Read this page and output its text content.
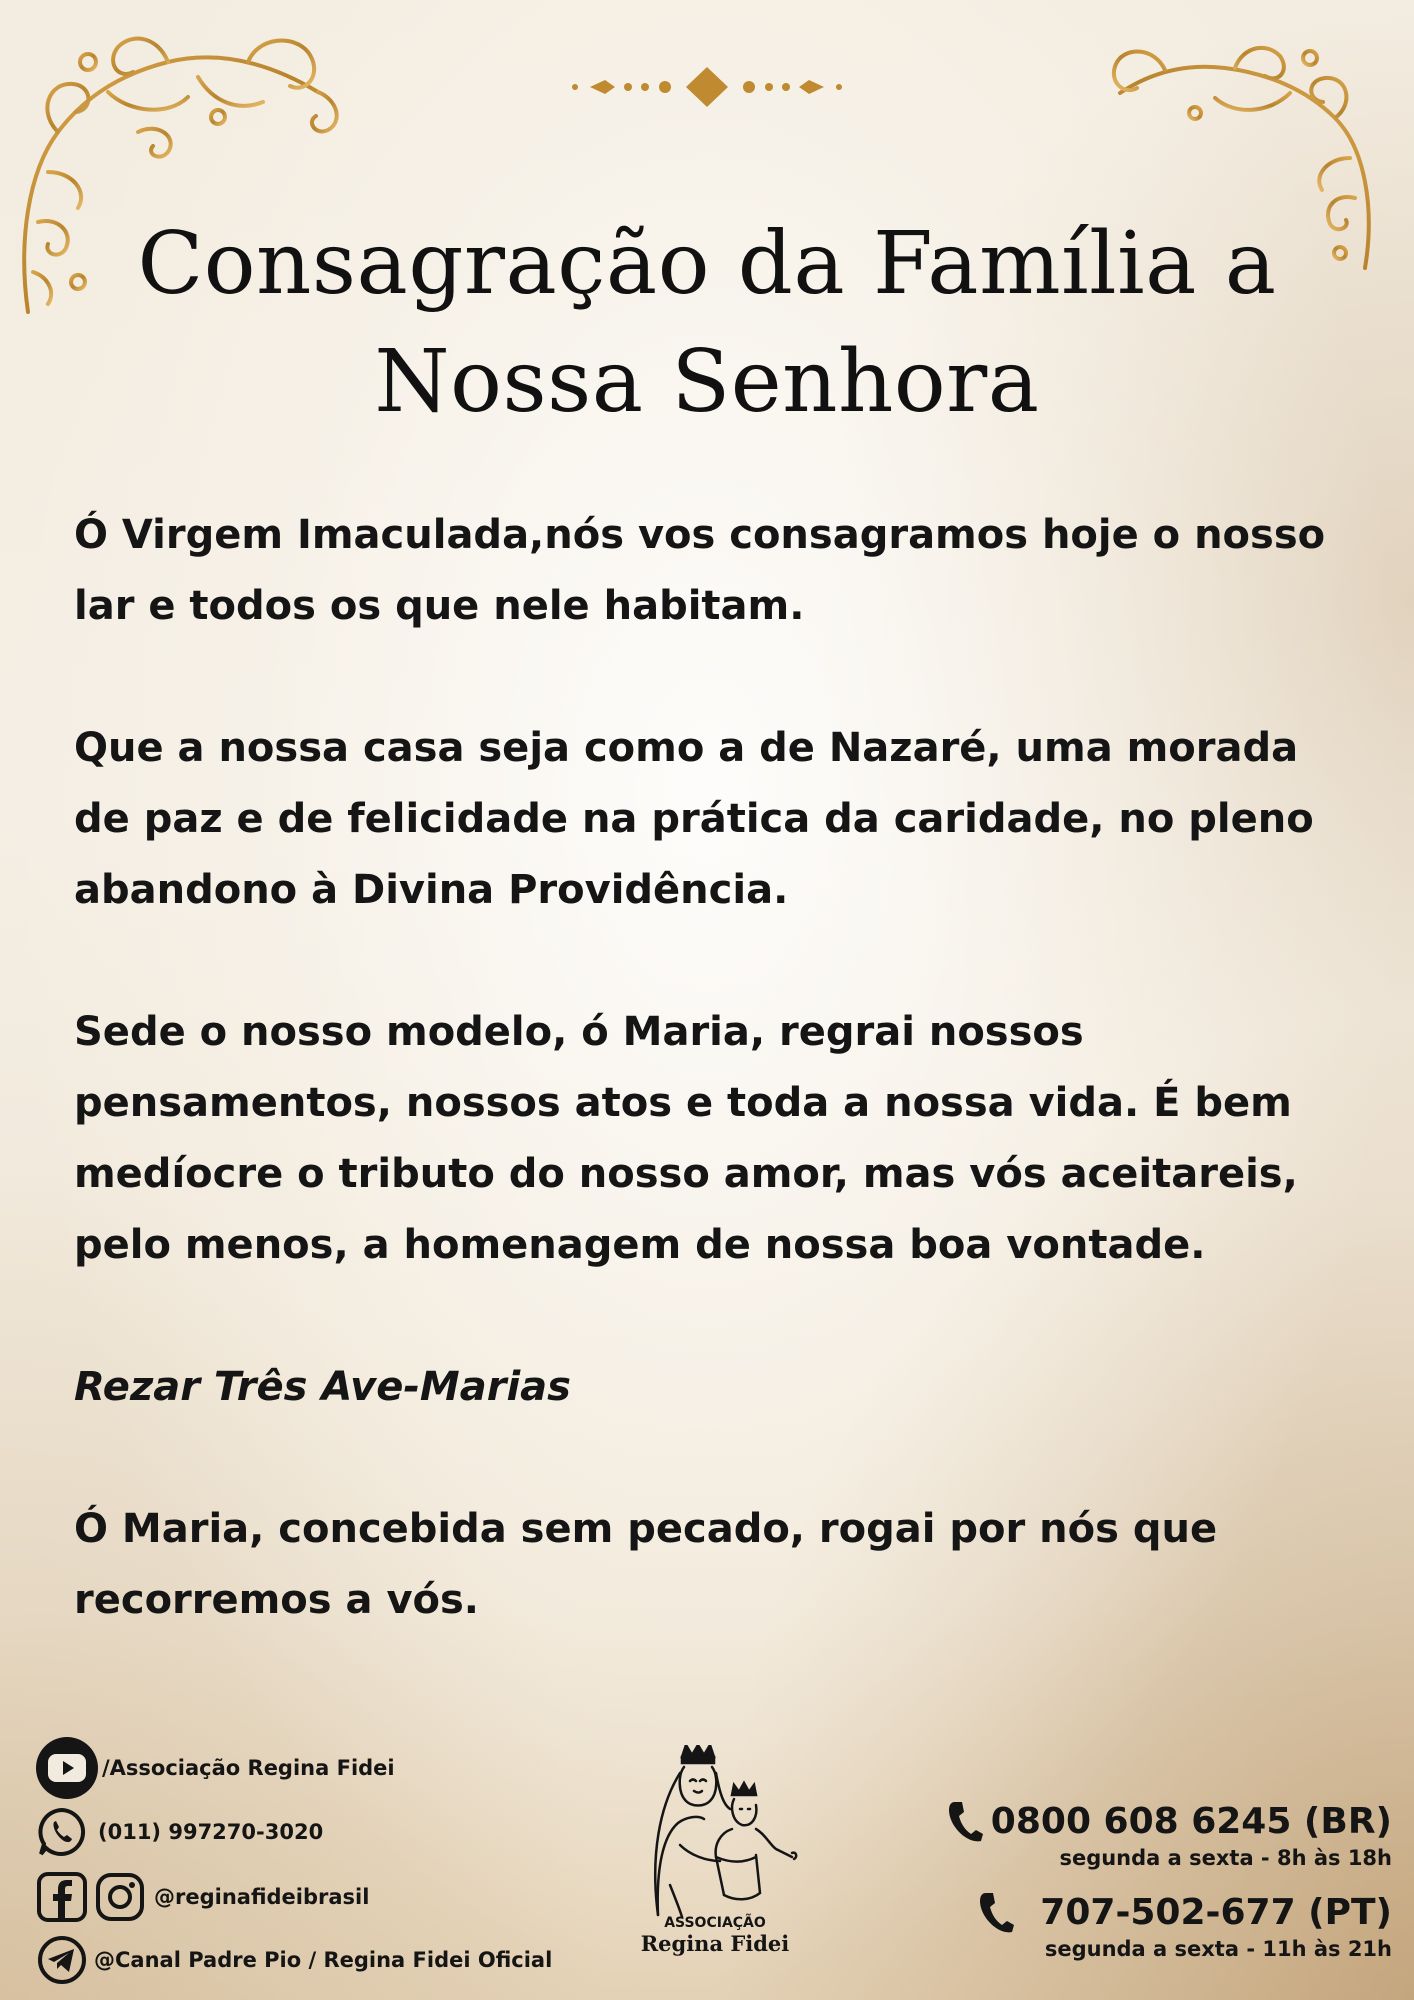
Consagração da Família a
Nossa Senhora

Ó Virgem Imaculada,nós vos consagramos hoje o nosso lar e todos os que nele habitam.

Que a nossa casa seja como a de Nazaré, uma morada de paz e de felicidade na prática da caridade, no pleno abandono à Divina Providência.

Sede o nosso modelo, ó Maria, regrai nossos pensamentos, nossos atos e toda a nossa vida. É bem medíocre o tributo do nosso amor, mas vós aceitareis, pelo menos, a homenagem de nossa boa vontade.

Rezar Três Ave-Marias

Ó Maria, concebida sem pecado, rogai por nós que recorremos a vós.

/Associação Regina Fidei
(011) 997270-3020
@reginafideibrasil
@Canal Padre Pio / Regina Fidei Oficial
ASSOCIAÇÃO
Regina Fidei
0800 608 6245 (BR)
segunda a sexta - 8h às 18h
707-502-677 (PT)
segunda a sexta - 11h às 21h
